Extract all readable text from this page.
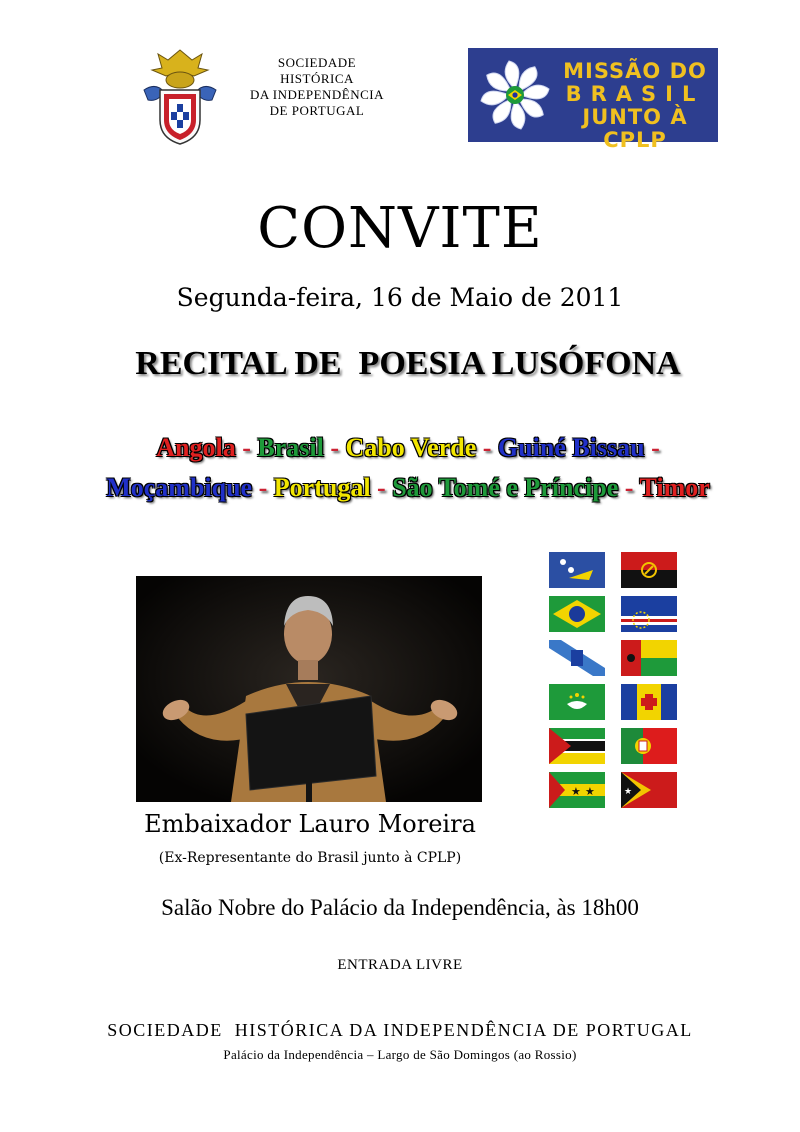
SOCIEDADE
HISTÓRICA
DA INDEPENDÊNCIA
DE PORTUGAL
MISSÃO DO
BRASIL
JUNTO À CPLP
CONVITE
Segunda-feira, 16 de Maio de 2011
RECITAL DE  POESIA LUSÓFONA
Angola - Brasil - Cabo Verde - Guiné Bissau -
Moçambique - Portugal - São Tomé e Príncipe - Timor
★ ★	★
Embaixador Lauro Moreira
(Ex-Representante do Brasil junto à CPLP)
Salão Nobre do Palácio da Independência, às 18h00
ENTRADA LIVRE
SOCIEDADE  HISTÓRICA DA INDEPENDÊNCIA DE PORTUGAL
Palácio da Independência – Largo de São Domingos (ao Rossio)
